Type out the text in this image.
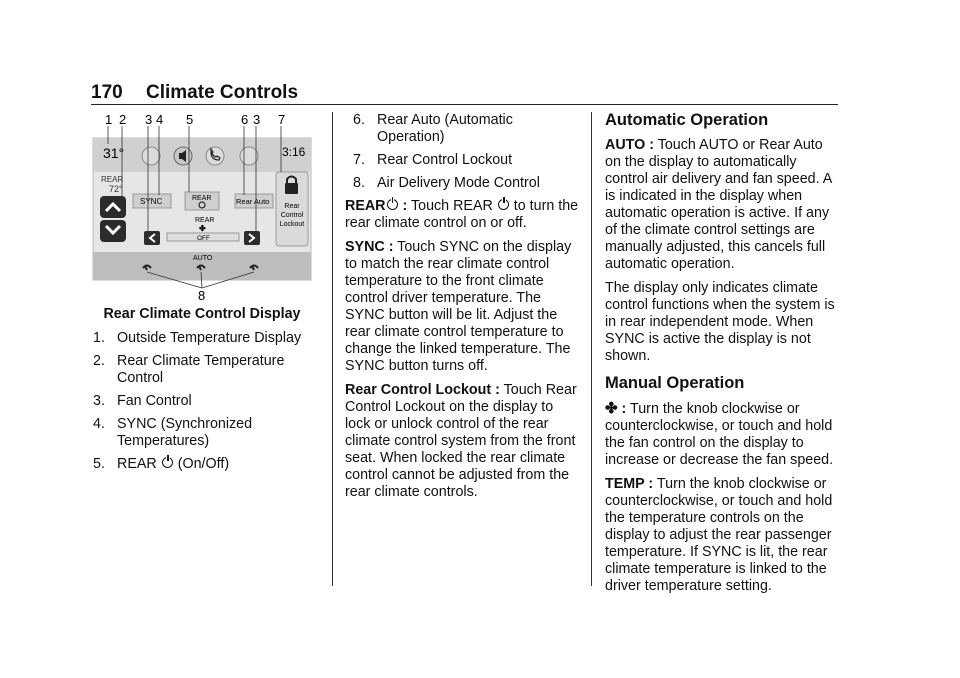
170 Climate Controls
1 2 3 4 5	6 3 7
31°	3:16
REAR
72°
SYNC	REAR	Rear Auto
REAR
✤
OFF
Rear Control Lockout
AUTO
8
Rear Climate Control Display
1. Outside Temperature Display
2. Rear Climate Temperature Control
3. Fan Control
4. SYNC (Synchronized Temperatures)
5. REAR (On/Off)
6. Rear Auto (Automatic Operation)
7. Rear Control Lockout
8. Air Delivery Mode Control

REAR : Touch REAR  to turn the rear climate control on or off.

SYNC : Touch SYNC on the display to match the rear climate control temperature to the front climate control driver temperature. The SYNC button will be lit. Adjust the rear climate control temperature to change the linked temperature. The SYNC button turns off.

Rear Control Lockout : Touch Rear Control Lockout on the display to lock or unlock control of the rear climate control system from the front seat. When locked the rear climate control cannot be adjusted from the rear climate controls.

Automatic Operation

AUTO : Touch AUTO or Rear Auto on the display to automatically control air delivery and fan speed. A is indicated in the display when automatic operation is active. If any of the climate control settings are manually adjusted, this cancels full automatic operation.

The display only indicates climate control functions when the system is in rear independent mode. When SYNC is active the display is not shown.

Manual Operation

✤ : Turn the knob clockwise or counterclockwise, or touch and hold the fan control on the display to increase or decrease the fan speed.

TEMP : Turn the knob clockwise or counterclockwise, or touch and hold the temperature controls on the display to adjust the rear passenger temperature. If SYNC is lit, the rear climate temperature is linked to the driver temperature setting.
